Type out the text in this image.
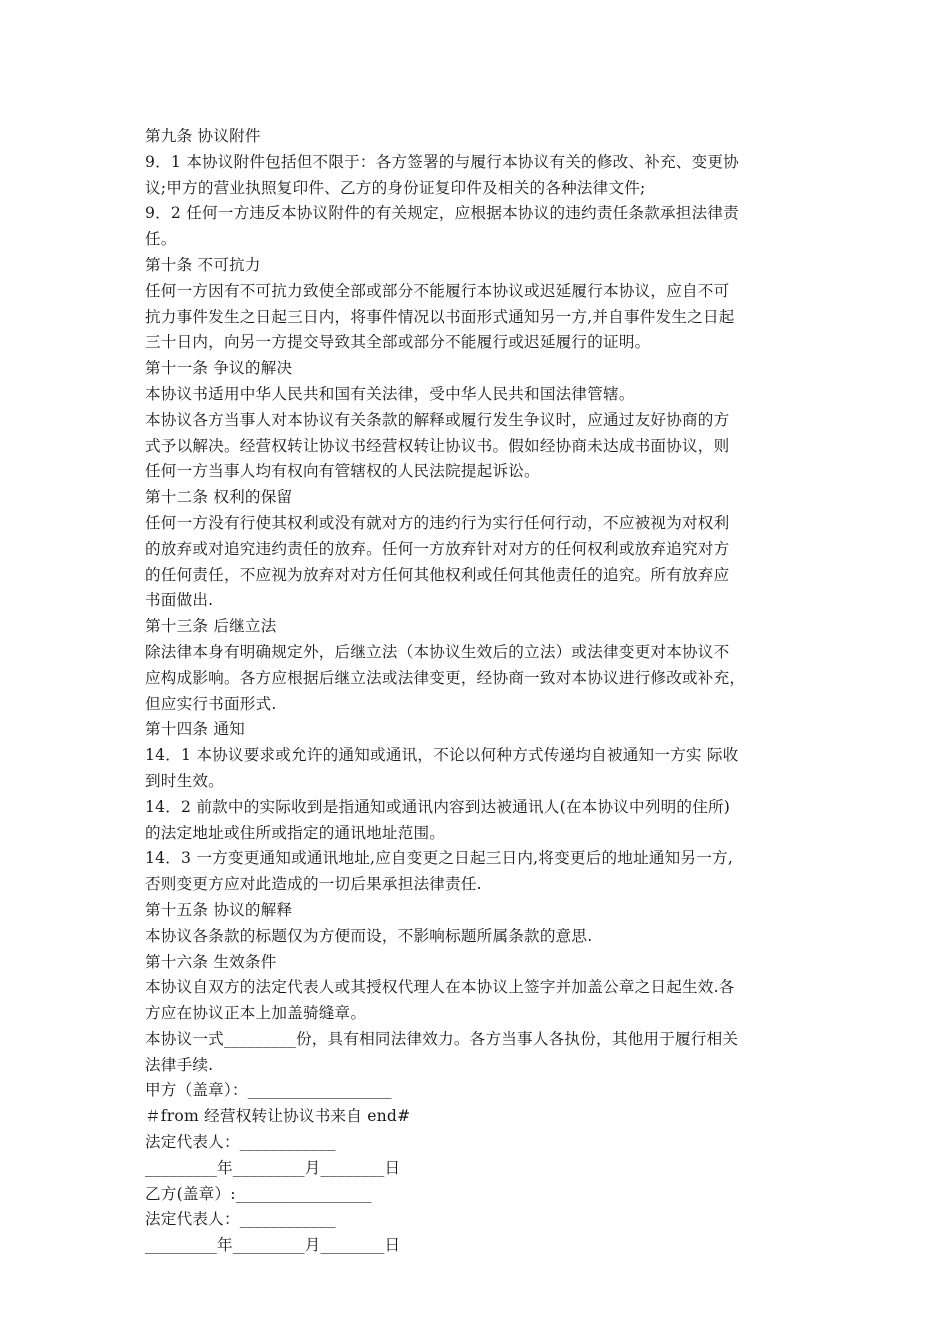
第九条 协议附件
9．1 本协议附件包括但不限于：各方签署的与履行本协议有关的修改、补充、变更协
议;甲方的营业执照复印件、乙方的身份证复印件及相关的各种法律文件;
9．2 任何一方违反本协议附件的有关规定，应根据本协议的违约责任条款承担法律责
任。
第十条 不可抗力
任何一方因有不可抗力致使全部或部分不能履行本协议或迟延履行本协议，应自不可
抗力事件发生之日起三日内，将事件情况以书面形式通知另一方,并自事件发生之日起
三十日内，向另一方提交导致其全部或部分不能履行或迟延履行的证明。
第十一条 争议的解决
本协议书适用中华人民共和国有关法律，受中华人民共和国法律管辖。
本协议各方当事人对本协议有关条款的解释或履行发生争议时，应通过友好协商的方
式予以解决。经营权转让协议书经营权转让协议书。假如经协商未达成书面协议，则
任何一方当事人均有权向有管辖权的人民法院提起诉讼。
第十二条 权利的保留
任何一方没有行使其权利或没有就对方的违约行为实行任何行动，不应被视为对权利
的放弃或对追究违约责任的放弃。任何一方放弃针对对方的任何权利或放弃追究对方
的任何责任，不应视为放弃对对方任何其他权利或任何其他责任的追究。所有放弃应
书面做出.
第十三条 后继立法
除法律本身有明确规定外，后继立法（本协议生效后的立法）或法律变更对本协议不
应构成影响。各方应根据后继立法或法律变更，经协商一致对本协议进行修改或补充，
但应实行书面形式.
第十四条 通知
14．1 本协议要求或允许的通知或通讯，不论以何种方式传递均自被通知一方实 际收
到时生效。
14．2 前款中的实际收到是指通知或通讯内容到达被通讯人(在本协议中列明的住所)
的法定地址或住所或指定的通讯地址范围。
14．3 一方变更通知或通讯地址,应自变更之日起三日内,将变更后的地址通知另一方,
否则变更方应对此造成的一切后果承担法律责任.
第十五条 协议的解释
本协议各条款的标题仅为方便而设，不影响标题所属条款的意思.
第十六条 生效条件
本协议自双方的法定代表人或其授权代理人在本协议上签字并加盖公章之日起生效.各
方应在协议正本上加盖骑缝章。
本协议一式_________份，具有相同法律效力。各方当事人各执份，其他用于履行相关
法律手续.
甲方（盖章）：__________________
＃from 经营权转让协议书来自 end#
法定代表人：____________
_________年_________月________日
乙方(盖章）:_________________
法定代表人：____________
_________年_________月________日
